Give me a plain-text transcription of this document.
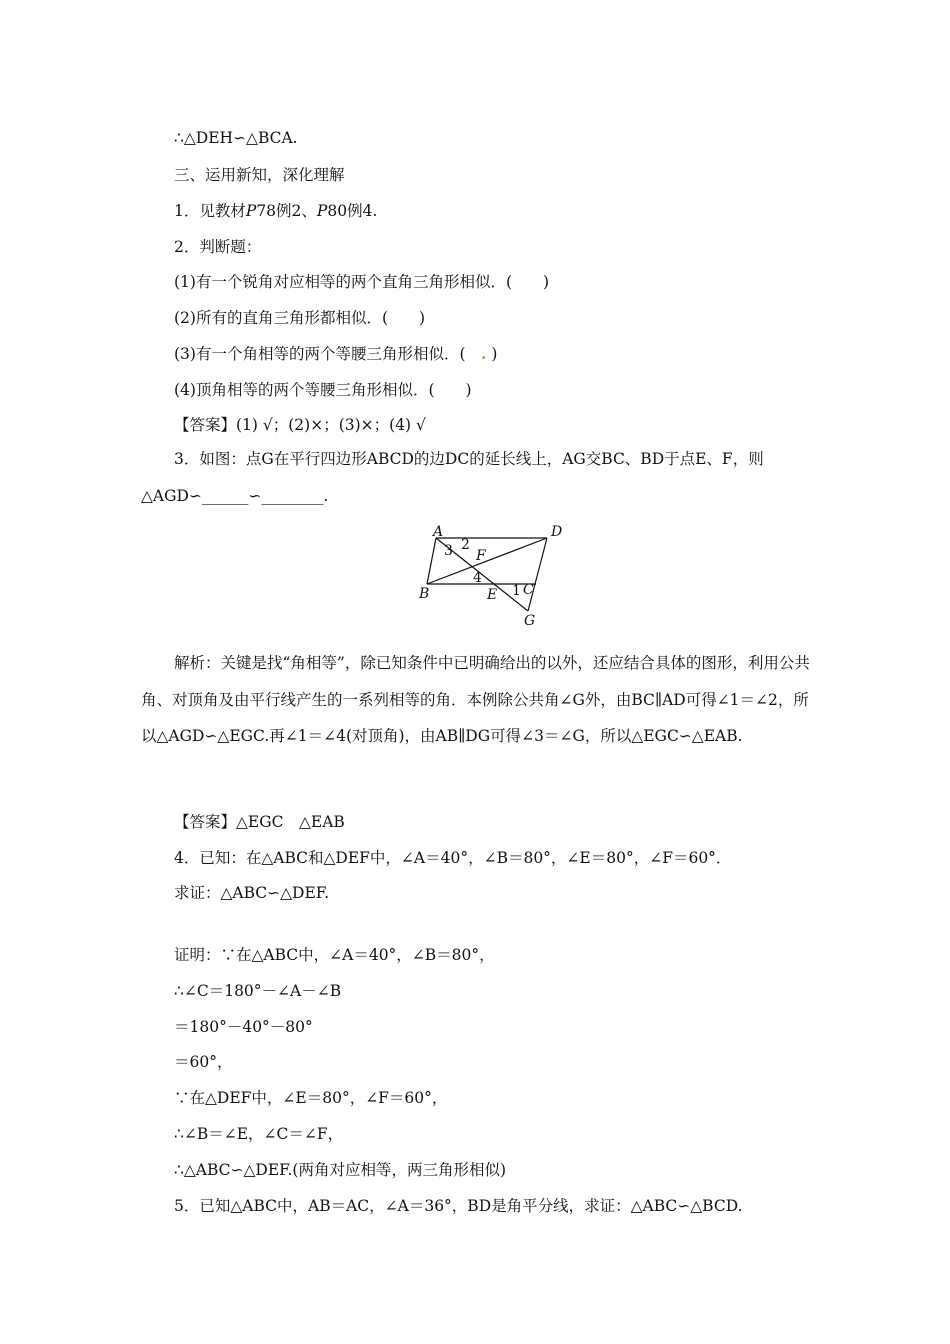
∴△DEH∽△BCA.
三、运用新知，深化理解
1．见教材P78例2、P80例4.
2．判断题：
(1)有一个锐角对应相等的两个直角三角形相似．(　　)
(2)所有的直角三角形都相似．(　　)
(3)有一个角相等的两个等腰三角形相似．(　. )
(4)顶角相等的两个等腰三角形相似．(　　)
【答案】(1) √；(2)×；(3)×；(4) √
3．如图：点G在平行四边形ABCD的边DC的延长线上，AG交BC、BD于点E、F，则△AGD∽______∽________.
A	D
B	C
E
F
G
1
2
3
4
解析：关键是找“角相等”，除已知条件中已明确给出的以外，还应结合具体的图形，利用公共角、对顶角及由平行线产生的一系列相等的角．本例除公共角∠G外，由BC∥AD可得∠1＝∠2，所以△AGD∽△EGC.再∠1＝∠4(对顶角)，由AB∥DG可得∠3＝∠G，所以△EGC∽△EAB.
【答案】△EGC　△EAB
4．已知：在△ABC和△DEF中，∠A＝40°，∠B＝80°，∠E＝80°，∠F＝60°．
求证：△ABC∽△DEF.
证明：∵在△ABC中，∠A＝40°，∠B＝80°，
∴∠C＝180°－∠A－∠B
＝180°－40°－80°
＝60°，
∵在△DEF中，∠E＝80°，∠F＝60°，
∴∠B＝∠E，∠C＝∠F，
∴△ABC∽△DEF.(两角对应相等，两三角形相似)
5．已知△ABC中，AB＝AC，∠A＝36°，BD是角平分线，求证：△ABC∽△BCD.
